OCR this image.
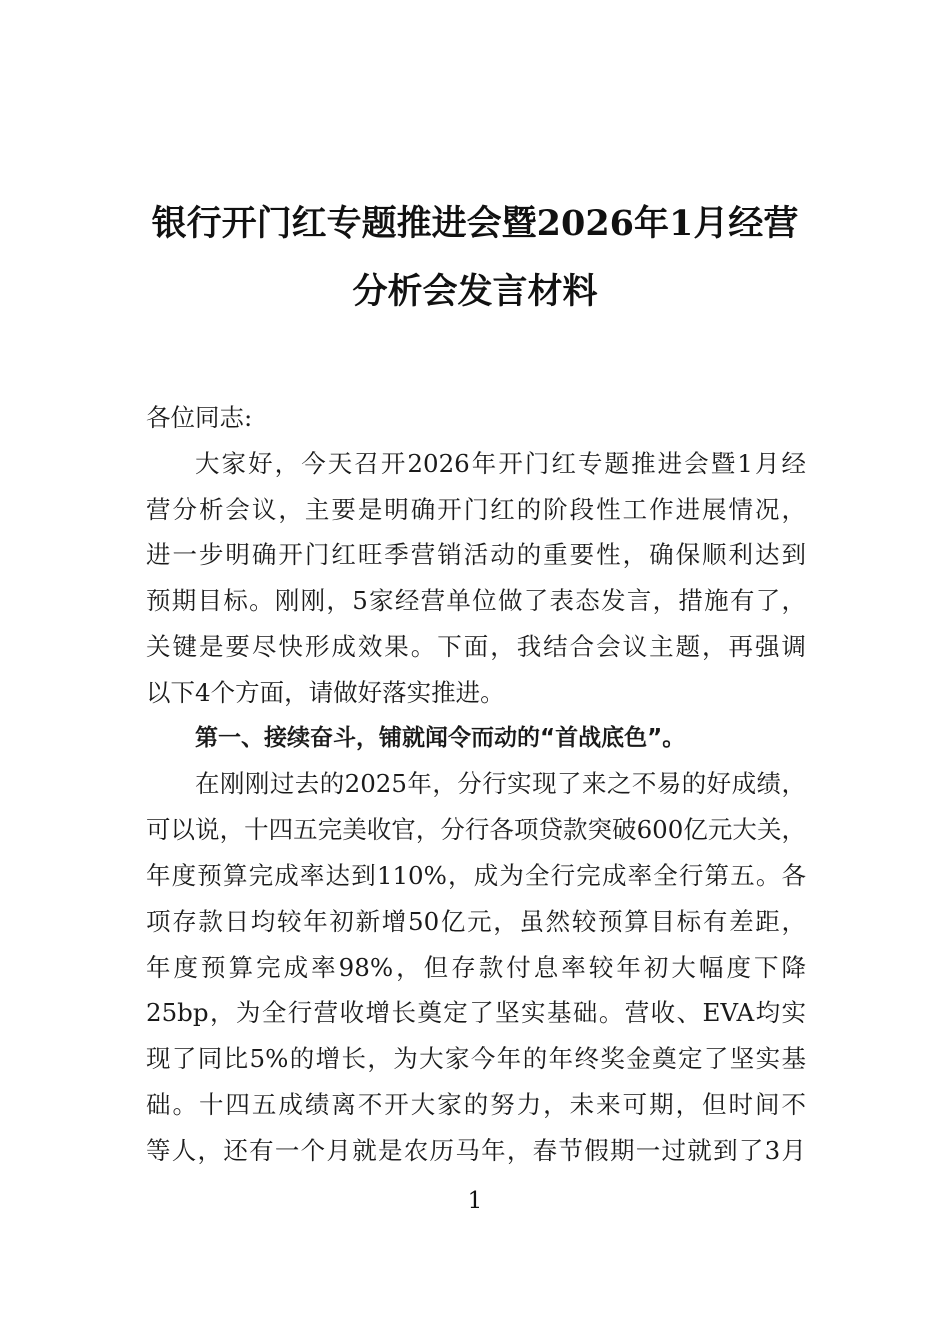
银行开门红专题推进会暨2026年1月经营
分析会发言材料
各位同志:
大家好，今天召开2026年开门红专题推进会暨1月经
营分析会议，主要是明确开门红的阶段性工作进展情况，
进一步明确开门红旺季营销活动的重要性，确保顺利达到
预期目标。刚刚，5家经营单位做了表态发言，措施有了，
关键是要尽快形成效果。下面，我结合会议主题，再强调
以下4个方面，请做好落实推进。
第一、接续奋斗，铺就闻令而动的“首战底色”。
在刚刚过去的2025年，分行实现了来之不易的好成绩，
可以说，十四五完美收官，分行各项贷款突破600亿元大关，
年度预算完成率达到110%，成为全行完成率全行第五。各
项存款日均较年初新增50亿元，虽然较预算目标有差距，
年度预算完成率98%，但存款付息率较年初大幅度下降
25bp，为全行营收增长奠定了坚实基础。营收、EVA均实
现了同比5%的增长，为大家今年的年终奖金奠定了坚实基
础。十四五成绩离不开大家的努力，未来可期，但时间不
等人，还有一个月就是农历马年，春节假期一过就到了3月
1
